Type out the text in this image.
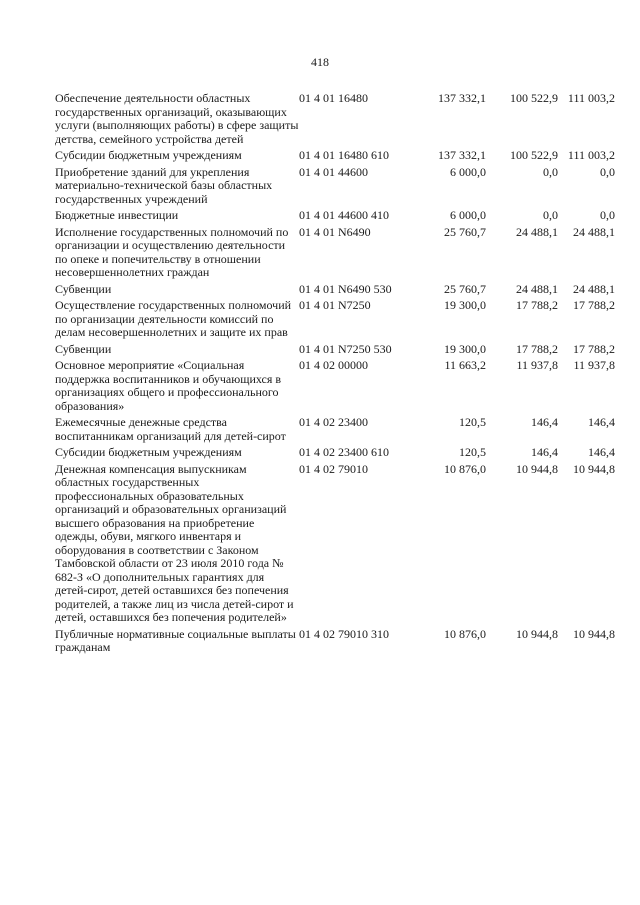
418
Обеспечение деятельности областных государственных организаций, оказывающих услуги (выполняющих работы) в сфере защиты детства, семейного устройства детей	01 4 01 16480	137 332,1	100 522,9	111 003,2
Субсидии бюджетным учреждениям	01 4 01 16480 610	137 332,1	100 522,9	111 003,2
Приобретение зданий для укрепления материально-технической базы областных государственных учреждений	01 4 01 44600	6 000,0	0,0	0,0
Бюджетные инвестиции	01 4 01 44600 410	6 000,0	0,0	0,0
Исполнение государственных полномочий по организации и осуществлению деятельности по опеке и попечительству в отношении несовершеннолетних граждан	01 4 01 N6490	25 760,7	24 488,1	24 488,1
Субвенции	01 4 01 N6490 530	25 760,7	24 488,1	24 488,1
Осуществление государственных полномочий по организации деятельности комиссий по делам несовершеннолетних и защите их прав	01 4 01 N7250	19 300,0	17 788,2	17 788,2
Субвенции	01 4 01 N7250 530	19 300,0	17 788,2	17 788,2
Основное мероприятие «Социальная поддержка воспитанников и обучающихся в организациях общего и профессионального образования»	01 4 02 00000	11 663,2	11 937,8	11 937,8
Ежемесячные денежные средства воспитанникам организаций для детей-сирот	01 4 02 23400	120,5	146,4	146,4
Субсидии бюджетным учреждениям	01 4 02 23400 610	120,5	146,4	146,4
Денежная компенсация выпускникам областных государственных профессиональных образовательных организаций и образовательных организаций высшего образования на приобретение одежды, обуви, мягкого инвентаря и оборудования в соответствии с Законом Тамбовской области от 23 июля 2010 года № 682-З «О дополнительных гарантиях для детей-сирот, детей оставшихся без попечения родителей, а также лиц из числа детей-сирот и детей, оставшихся без попечения родителей»	01 4 02 79010	10 876,0	10 944,8	10 944,8
Публичные нормативные социальные выплаты гражданам	01 4 02 79010 310	10 876,0	10 944,8	10 944,8
